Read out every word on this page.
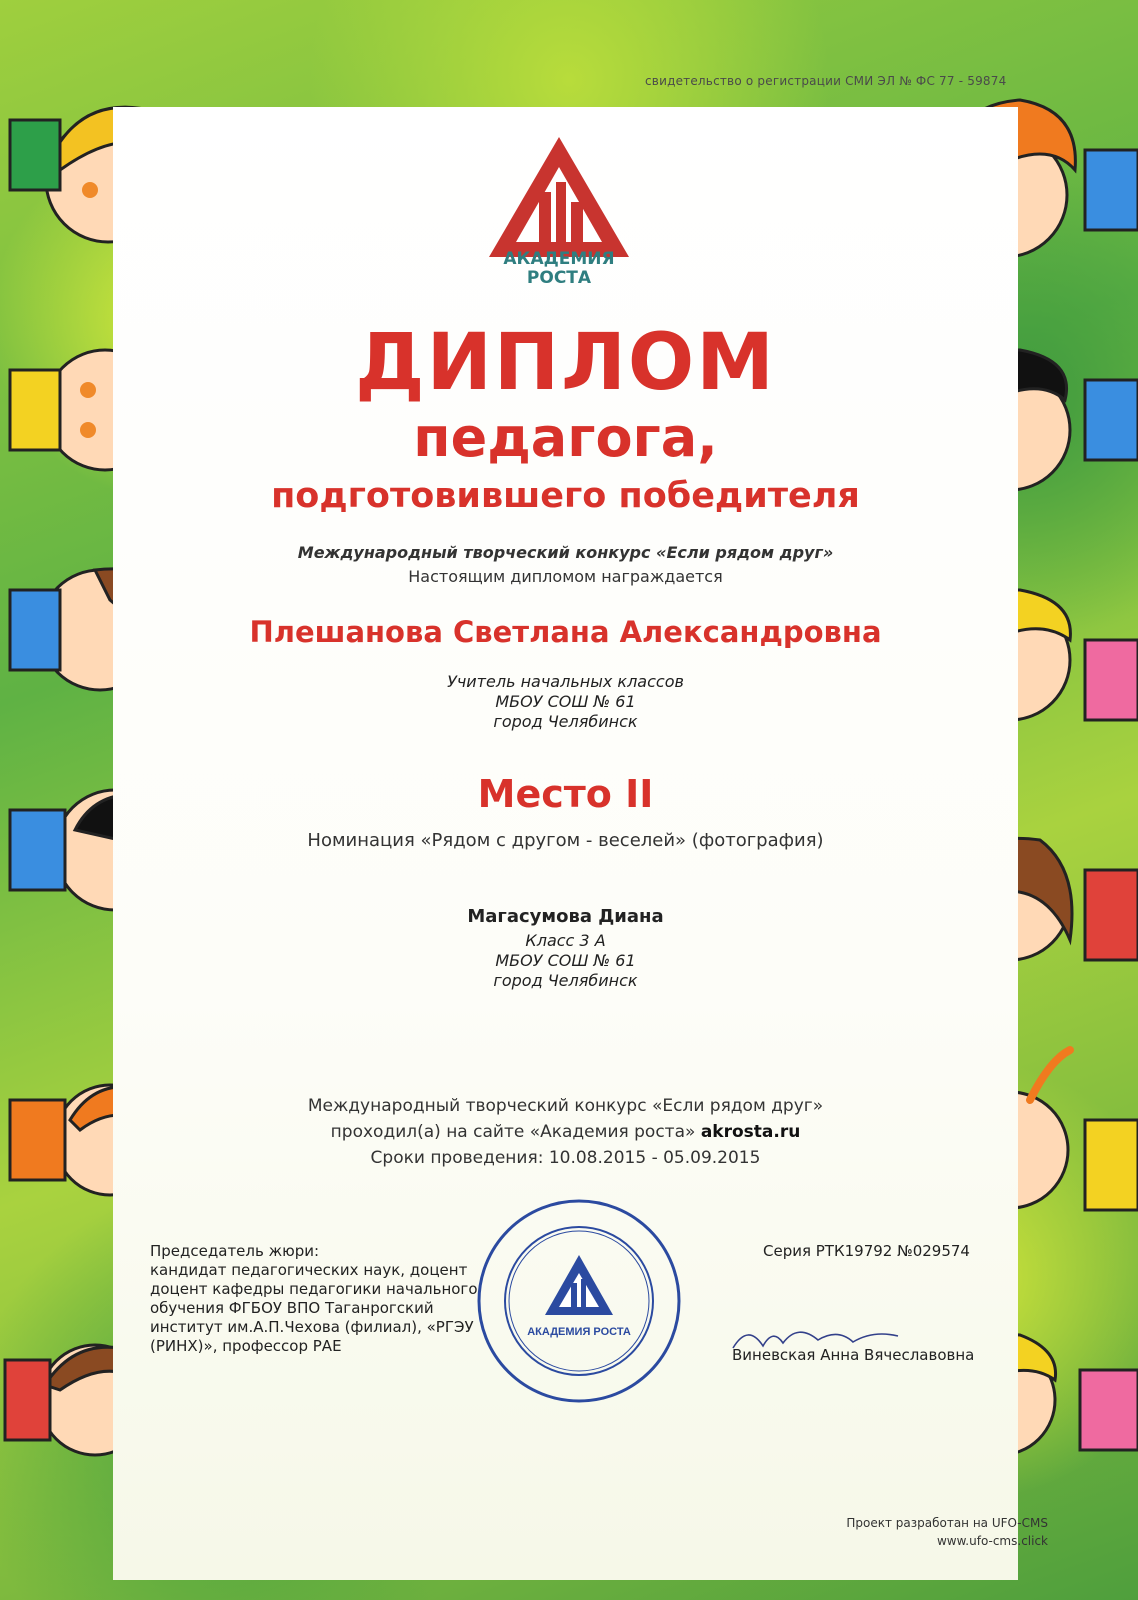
свидетельство о регистрации СМИ ЭЛ № ФС 77 - 59874
АКАДЕМИЯ
РОСТА
ДИПЛОМ
педагога,
подготовившего победителя
Международный творческий конкурс «Если рядом друг»
Настоящим дипломом награждается
Плешанова Светлана Александровна
Учитель начальных классов
МБОУ СОШ № 61
город Челябинск
Место II
Номинация «Рядом с другом - веселей» (фотография)
Магасумова Диана
Класс 3 А
МБОУ СОШ № 61
город Челябинск
Международный творческий конкурс «Если рядом друг»
проходил(а) на сайте «Академия роста» akrosta.ru
Сроки проведения: 10.08.2015 - 05.09.2015
Председатель жюри:
кандидат педагогических наук, доцент
доцент кафедры педагогики начального
обучения ФГБОУ ВПО Таганрогский
институт им.А.П.Чехова (филиал), «РГЭУ
(РИНХ)», профессор РАЕ
Серия РТК19792 №029574
Виневская Анна Вячеславовна
АКАДЕМИЯ РОСТА
Проект разработан на UFO-CMS
www.ufo-cms.click
